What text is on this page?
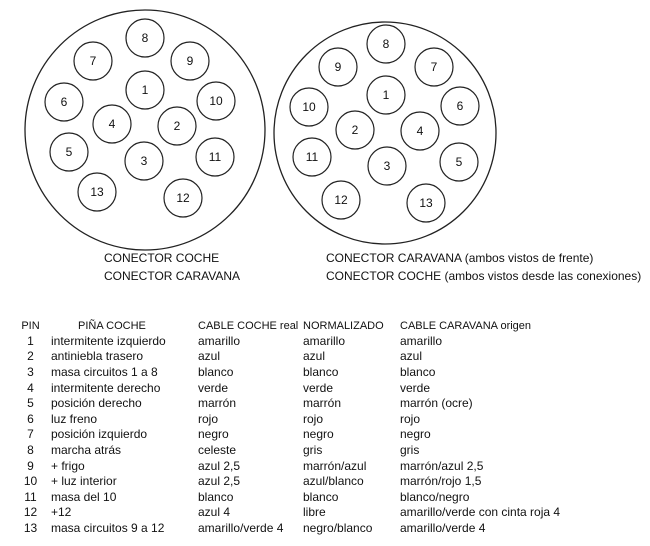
8
7	9
1
6	10
4	2
5
3	11
13	12
8
9	7
1
10	6
2	4
11
3	5
12	13
CONECTOR COCHE
CONECTOR CARAVANA
CONECTOR CARAVANA (ambos vistos de frente)
CONECTOR COCHE (ambos vistos desde las conexiones)
PIN	PIÑA COCHE	CABLE COCHE real	NORMALIZADO	CABLE CARAVANA origen
1	intermitente izquierdo	amarillo	amarillo	amarillo
2	antiniebla trasero	azul	azul	azul
3	masa circuitos 1 a 8	blanco	blanco	blanco
4	intermitente derecho	verde	verde	verde
5	posición derecho	marrón	marrón	marrón (ocre)
6	luz freno	rojo	rojo	rojo
7	posición izquierdo	negro	negro	negro
8	marcha atrás	celeste	gris	gris
9	+ frigo	azul 2,5	marrón/azul	marrón/azul 2,5
10	+ luz interior	azul 2,5	azul/blanco	marrón/rojo 1,5
11	masa del 10	blanco	blanco	blanco/negro
12	+12	azul 4	libre	amarillo/verde con cinta roja 4
13	masa circuitos 9 a 12	amarillo/verde 4	negro/blanco	amarillo/verde 4
